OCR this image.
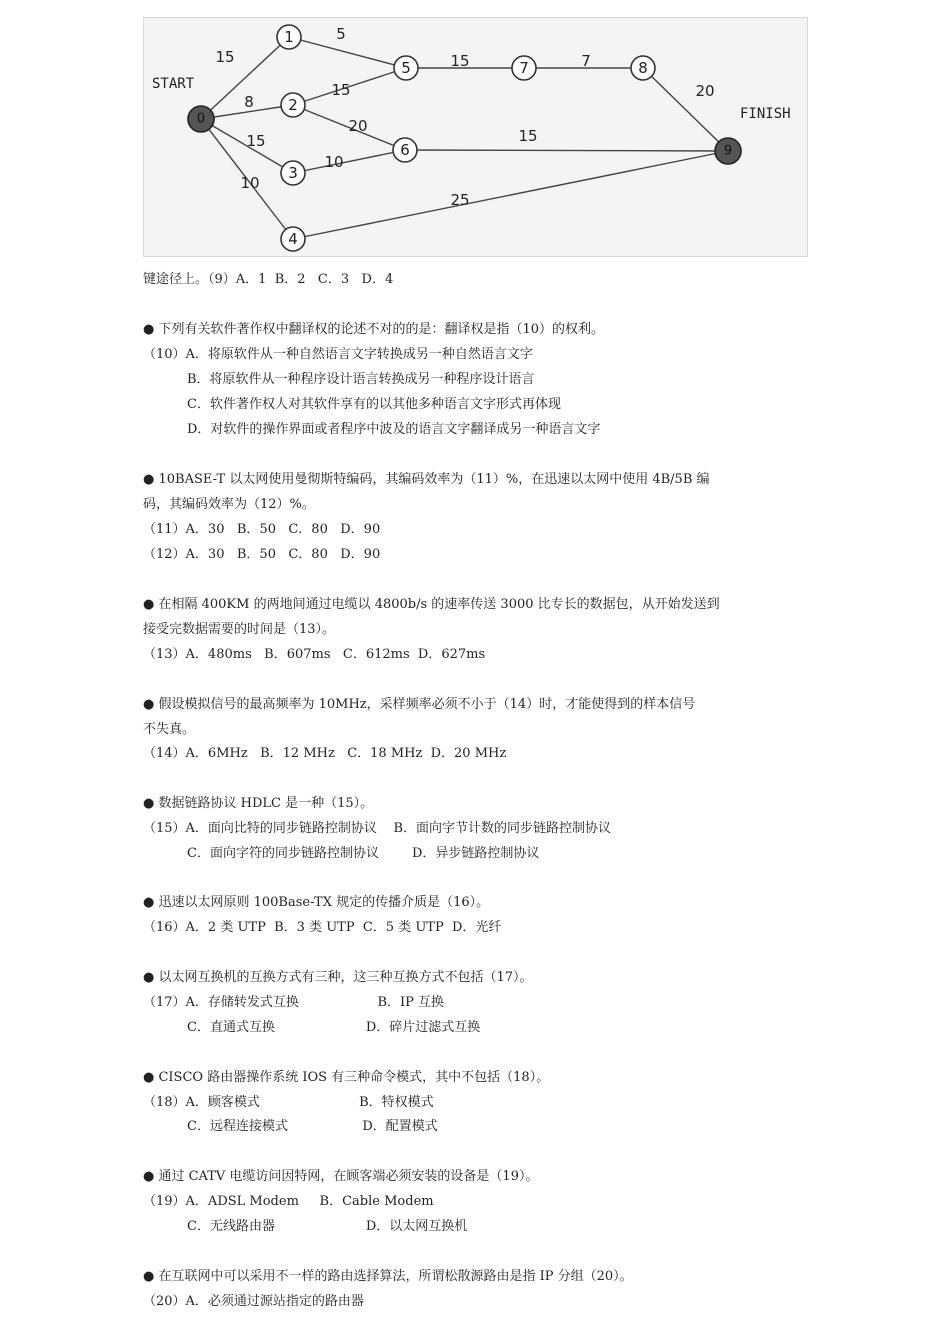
15
8
15
10
5
15
20
10
15	7
20
15
25
0
1
2
3
4
5
6
7	8
9
START
FINISH
键途径上。（9）A．1  B．2   C．3   D．4
● 下列有关软件著作权中翻译权的论述不对的的是：翻译权是指（10）的权利。
（10）A．将原软件从一种自然语言文字转换成另一种自然语言文字
B．将原软件从一种程序设计语言转换成另一种程序设计语言
C．软件著作权人对其软件享有的以其他多种语言文字形式再体现
D．对软件的操作界面或者程序中波及的语言文字翻译成另一种语言文字
● 10BASE-T 以太网使用曼彻斯特编码，其编码效率为（11）%，在迅速以太网中使用 4B/5B 编
码，其编码效率为（12）%。
（11）A．30   B．50   C．80   D．90
（12）A．30   B．50   C．80   D．90
● 在相隔 400KM 的两地间通过电缆以 4800b/s 的速率传送 3000 比专长的数据包，从开始发送到
接受完数据需要的时间是（13）。
（13）A．480ms   B．607ms   C．612ms  D．627ms
● 假设模拟信号的最高频率为 10MHz，采样频率必须不小于（14）时，才能使得到的样本信号
不失真。
（14）A．6MHz   B．12 MHz   C．18 MHz  D．20 MHz
● 数据链路协议 HDLC 是一种（15）。
（15）A．面向比特的同步链路控制协议    B．面向字节计数的同步链路控制协议
C．面向字符的同步链路控制协议        D．异步链路控制协议
● 迅速以太网原则 100Base-TX 规定的传播介质是（16）。
（16）A．2 类 UTP  B．3 类 UTP  C．5 类 UTP  D．光纤
● 以太网互换机的互换方式有三种，这三种互换方式不包括（17）。
（17）A．存储转发式互换                   B．IP 互换
C．直通式互换                      D．碎片过滤式互换
● CISCO 路由器操作系统 IOS 有三种命令模式，其中不包括（18）。
（18）A．顾客模式                        B．特权模式
C．远程连接模式                  D．配置模式
● 通过 CATV 电缆访问因特网，在顾客端必须安装的设备是（19）。
（19）A．ADSL Modem     B．Cable Modem
C．无线路由器                      D．以太网互换机
● 在互联网中可以采用不一样的路由选择算法，所谓松散源路由是指 IP 分组（20）。
（20）A．必须通过源站指定的路由器
